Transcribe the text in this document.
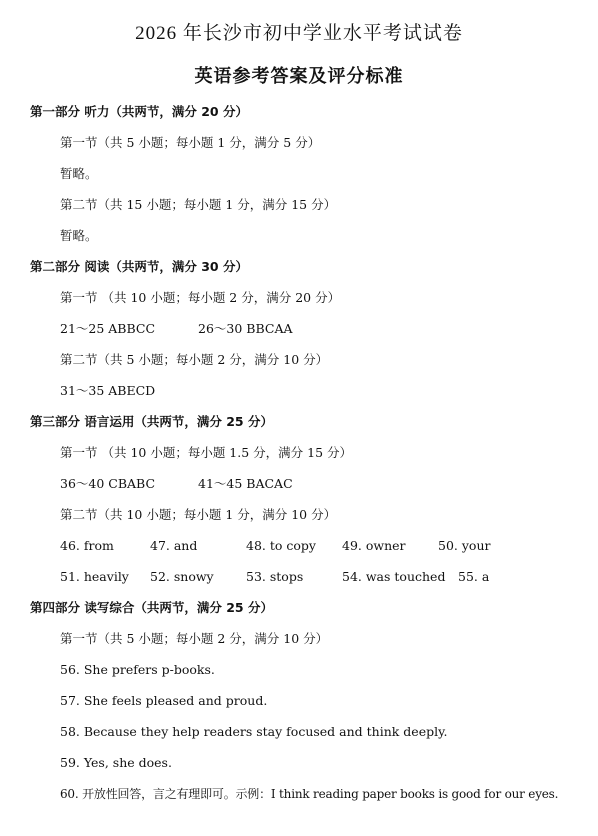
2026 年长沙市初中学业水平考试试卷
英语参考答案及评分标准
第一部分 听力（共两节，满分 20 分）
第一节（共 5 小题；每小题 1 分，满分 5 分）
暂略。
第二节（共 15 小题；每小题 1 分，满分 15 分）
暂略。
第二部分 阅读（共两节，满分 30 分）
第一节 （共 10 小题；每小题 2 分，满分 20 分）
21～25 ABBCC	26～30 BBCAA
第二节（共 5 小题；每小题 2 分，满分 10 分）
31～35 ABECD
第三部分 语言运用（共两节，满分 25 分）
第一节 （共 10 小题；每小题 1.5 分，满分 15 分）
36～40 CBABC	41～45 BACAC
第二节（共 10 小题；每小题 1 分，满分 10 分）
46. from	47. and	48. to copy 49. owner	50. your
51. heavily 52. snowy	53. stops	54. was touched 55. a
第四部分 读写综合（共两节，满分 25 分）
第一节（共 5 小题；每小题 2 分，满分 10 分）
56. She prefers p-books.
57. She feels pleased and proud.
58. Because they help readers stay focused and think deeply.
59. Yes, she does.
60. 开放性回答，言之有理即可。示例：I think reading paper books is good for our eyes.
